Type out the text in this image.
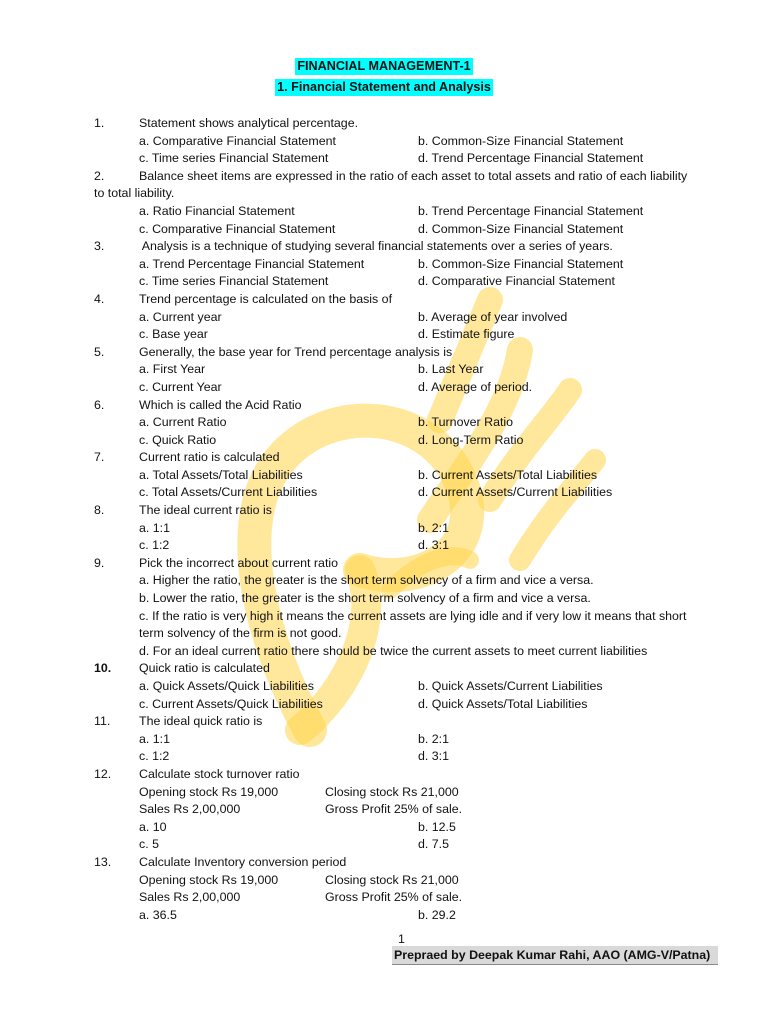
FINANCIAL MANAGEMENT-1
1. Financial Statement and Analysis
1.	Statement shows analytical percentage.
a. Comparative Financial Statement	b. Common-Size Financial Statement
c. Time series Financial Statement	d. Trend Percentage Financial Statement
2.	Balance sheet items are expressed in the ratio of each asset to total assets and ratio of each liability
to total liability.
a. Ratio Financial Statement	b. Trend Percentage Financial Statement
c. Comparative Financial Statement	d. Common-Size Financial Statement
3.	Analysis is a technique of studying several financial statements over a series of years.
a. Trend Percentage Financial Statement	b. Common-Size Financial Statement
c. Time series Financial Statement	d. Comparative Financial Statement
4.	Trend percentage is calculated on the basis of
a. Current year	b. Average of year involved
c. Base year	d. Estimate figure
5.	Generally, the base year for Trend percentage analysis is
a. First Year	b. Last Year
c. Current Year	d. Average of period.
6.	Which is called the Acid Ratio
a. Current Ratio	b. Turnover Ratio
c. Quick Ratio	d. Long-Term Ratio
7.	Current ratio is calculated
a. Total Assets/Total Liabilities	b. Current Assets/Total Liabilities
c. Total Assets/Current Liabilities	d. Current Assets/Current Liabilities
8.	The ideal current ratio is
a. 1:1	b. 2:1
c. 1:2	d. 3:1
9.	Pick the incorrect about current ratio
a. Higher the ratio, the greater is the short term solvency of a firm and vice a versa.
b. Lower the ratio, the greater is the short term solvency of a firm and vice a versa.
c. If the ratio is very high it means the current assets are lying idle and if very low it means that short
term solvency of the firm is not good.
d. For an ideal current ratio there should be twice the current assets to meet current liabilities
10. Quick ratio is calculated
a. Quick Assets/Quick Liabilities	b. Quick Assets/Current Liabilities
c. Current Assets/Quick Liabilities	d. Quick Assets/Total Liabilities
11. The ideal quick ratio is
a. 1:1	b. 2:1
c. 1:2	d. 3:1
12. Calculate stock turnover ratio
Opening stock Rs 19,000	Closing stock Rs 21,000
Sales Rs 2,00,000	Gross Profit 25% of sale.
a. 10	b. 12.5
c. 5	d. 7.5
13. Calculate Inventory conversion period
Opening stock Rs 19,000	Closing stock Rs 21,000
Sales Rs 2,00,000	Gross Profit 25% of sale.
a. 36.5	b. 29.2
1
Prepraed by Deepak Kumar Rahi, AAO (AMG-V/Patna)
